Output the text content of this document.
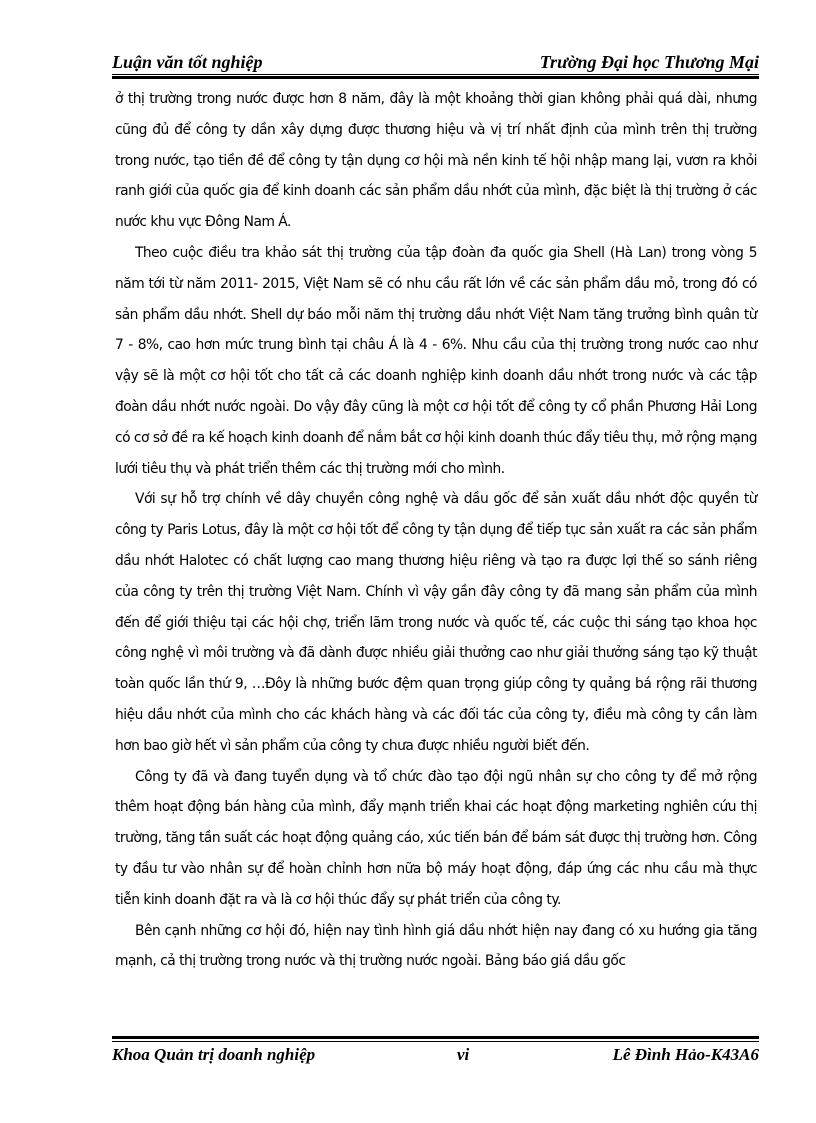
Luận văn tốt nghiệp	Trường Đại học Thương Mại

ở thị trường trong nước được hơn 8 năm, đây là một khoảng thời gian không phải quá dài, nhưng cũng đủ để công ty dần xây dựng được thương hiệu và vị trí nhất định của mình trên thị trường trong nước, tạo tiền đề để công ty tận dụng cơ hội mà nền kinh tế hội nhập mang lại, vươn ra khỏi ranh giới của quốc gia để kinh doanh các sản phẩm dầu nhớt của mình, đặc biệt là thị trường ở các nước khu vực Đông Nam Á.

Theo cuộc điều tra khảo sát thị trường của tập đoàn đa quốc gia Shell (Hà Lan) trong vòng 5 năm tới từ năm 2011- 2015, Việt Nam sẽ có nhu cầu rất lớn về các sản phẩm dầu mỏ, trong đó có sản phẩm dầu nhớt. Shell dự báo mỗi năm thị trường dầu nhớt Việt Nam tăng trưởng bình quân từ 7 - 8%, cao hơn mức trung bình tại châu Á là 4 - 6%. Nhu cầu của thị trường trong nước cao như vậy sẽ là một cơ hội tốt cho tất cả các doanh nghiệp kinh doanh dầu nhớt trong nước và các tập đoàn dầu nhớt nước ngoài. Do vậy đây cũng là một cơ hội tốt để công ty cổ phần Phương Hải Long có cơ sở đề ra kế hoạch kinh doanh để nắm bắt cơ hội kinh doanh thúc đẩy tiêu thụ, mở rộng mạng lưới tiêu thụ và phát triển thêm các thị trường mới cho mình.

Với sự hỗ trợ chính về dây chuyền công nghệ và dầu gốc để sản xuất dầu nhớt độc quyền từ công ty Paris Lotus, đây là một cơ hội tốt để công ty tận dụng để tiếp tục sản xuất ra các sản phẩm dầu nhớt Halotec có chất lượng cao mang thương hiệu riêng và tạo ra được lợi thế so sánh riêng của công ty trên thị trường Việt Nam. Chính vì vậy gần đây công ty đã mang sản phẩm của mình đến để giới thiệu tại các hội chợ, triển lãm trong nước và quốc tế, các cuộc thi sáng tạo khoa học công nghệ vì môi trường và đã dành được nhiều giải thưởng cao như giải thưởng sáng tạo kỹ thuật toàn quốc lần thứ 9, …Đôy là những bước đệm quan trọng giúp công ty quảng bá rộng rãi thương hiệu dầu nhớt của mình cho các khách hàng và các đối tác của công ty, điều mà công ty cần làm hơn bao giờ hết vì sản phẩm của công ty chưa được nhiều người biết đến.

Công ty đã và đang tuyển dụng và tổ chức đào tạo đội ngũ nhân sự cho công ty để mở rộng thêm hoạt động bán hàng của mình, đẩy mạnh triển khai các hoạt động marketing nghiên cứu thị trường, tăng tần suất các hoạt động quảng cáo, xúc tiến bán để bám sát được thị trường hơn. Công ty đầu tư vào nhân sự để hoàn chỉnh hơn nữa bộ máy hoạt động, đáp ứng các nhu cầu mà thực tiễn kinh doanh đặt ra và là cơ hội thúc đẩy sự phát triển của công ty.

Bên cạnh những cơ hội đó, hiện nay tình hình giá dầu nhớt hiện nay đang có xu hướng gia tăng mạnh, cả thị trường trong nước và thị trường nước ngoài. Bảng báo giá dầu gốc

Khoa Quản trị doanh nghiệp	vi	Lê Đình Hảo-K43A6
